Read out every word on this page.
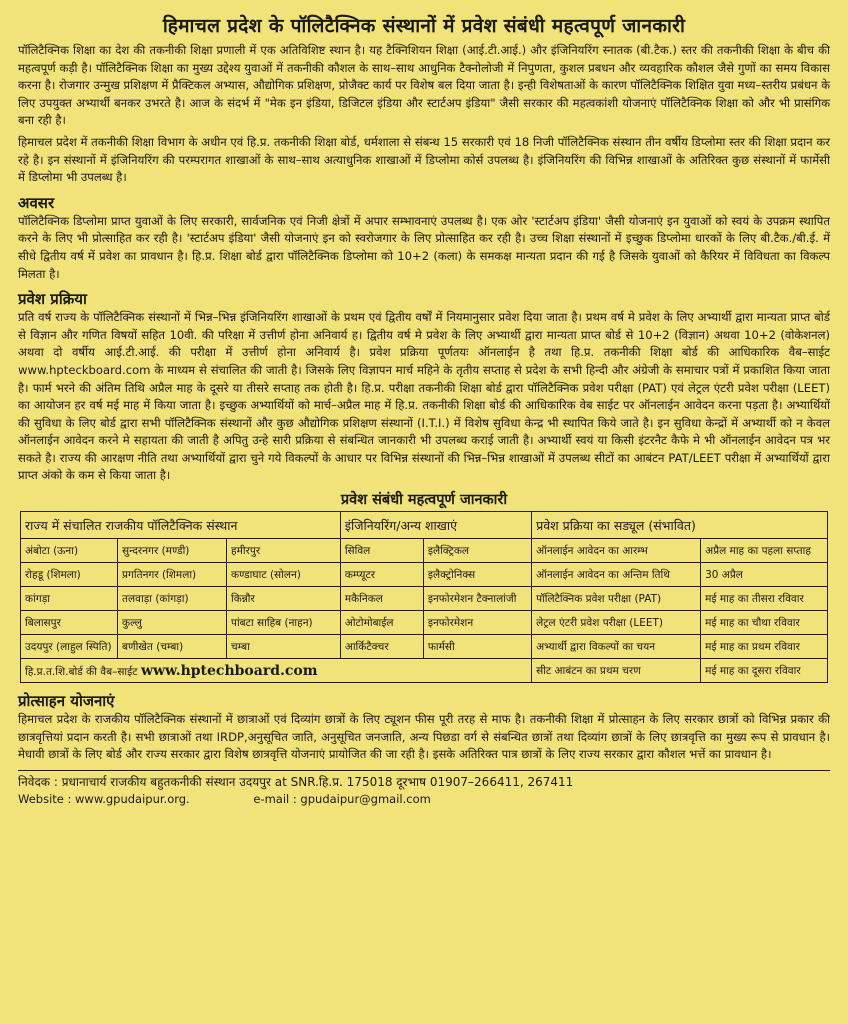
हिमाचल प्रदेश के पॉलिटैक्निक संस्थानों में प्रवेश संबंधी महत्वपूर्ण जानकारी

पॉलिटैक्निक शिक्षा का देश की तकनीकी शिक्षा प्रणाली में एक अतिविशिष्ट स्थान है। यह टैक्निशियन शिक्षा (आई.टी.आई.) और इंजिनियरिंग स्नातक (बी.टैक.) स्तर की तकनीकी शिक्षा के बीच की महत्वपूर्ण कड़ी है। पॉलिटैक्निक शिक्षा का मुख्य उद्देश्य युवाओं में तकनीकी कौशल के साथ–साथ आधुनिक टैक्नोलोजी में निपुणता, कुशल प्रबधन और व्यवहारिक कौशल जैसे गुणों का समय विकास करना है। रोजगार उन्मुख प्रशिक्षण में प्रैक्टिकल अभ्यास, औद्योगिक प्रशिक्षण, प्रोजैक्ट कार्य पर विशेष बल दिया जाता है। इन्ही विशेषताओं के कारण पॉलिटैक्निक शिक्षित युवा मध्य–स्तरीय प्रबंधन के लिए उपयुक्त अभ्यार्थी बनकर उभरते है। आज के संदर्भ में "मेक इन इंडिया, डिजिटल इंडिया और स्टार्टअप इंडिया" जैसी सरकार की महत्वकांशी योजनाएं पॉलिटैक्निक शिक्षा को और भी प्रासंगिक बना रही है।

हिमाचल प्रदेश में तकनीकी शिक्षा विभाग के अधीन एवं हि.प्र. तकनीकी शिक्षा बोर्ड, धर्मशाला से संबन्ध 15 सरकारी एवं 18 निजी पॉलिटैक्निक संस्थान तीन वर्षीय डिप्लोमा स्तर की शिक्षा प्रदान कर रहे है। इन संस्थानों में इंजिनियरिंग की परम्परागत शाखाओं के साथ–साथ अत्याधुनिक शाखाओं में डिप्लोमा कोर्स उपलब्ध है। इंजिनियरिंग की विभिन्न शाखाओं के अतिरिक्त कुछ संस्थानों में फार्मेसी में डिप्लोमा भी उपलब्ध है।

अवसर

पॉलिटैक्निक डिप्लोमा प्राप्त युवाओं के लिए सरकारी, सार्वजनिक एवं निजी क्षेत्रों में अपार सम्भावनाएं उपलब्ध है। एक ओर 'स्टार्टअप इंडिया' जैसी योजनाएं इन युवाओं को स्वयं के उपक्रम स्थापित करने के लिए भी प्रोत्साहित कर रही है। 'स्टार्टअप इंडिया' जैसी योजनाएं इन को स्वरोजगार के लिए प्रोत्साहित कर रही है। उच्च शिक्षा संस्थानों में इच्छुक डिप्लोमा धारकों के लिए बी.टैक./बी.ई. में सीधे द्वितीय वर्ष में प्रवेश का प्रावधान है। हि.प्र. शिक्षा बोर्ड द्वारा पॉलिटैक्निक डिप्लोमा को 10+2 (कला) के समकक्ष मान्यता प्रदान की गई है जिसके युवाओं को कैरियर में विविधता का विकल्प मिलता है।

प्रवेश प्रक्रिया

प्रति वर्ष राज्य के पॉलिटैक्निक संस्थानों में भिन्न–भिन्न इंजिनियरिंग शाखाओं के प्रथम एवं द्वितीय वर्षों में नियमानुसार प्रवेश दिया जाता है। प्रथम वर्ष मे प्रवेश के लिए अभ्यार्थी द्वारा मान्यता प्राप्त बोर्ड से विज्ञान और गणित विषयों सहित 10वी. की परिक्षा में उत्तीर्ण होना अनिवार्य ह। द्वितीय वर्ष मे प्रवेश के लिए अभ्यार्थी द्वारा मान्यता प्राप्त बोर्ड से 10+2 (विज्ञान) अथवा 10+2 (वोकेशनल) अथवा दो वर्षीय आई.टी.आई. की परीक्षा में उत्तीर्ण होना अनिवार्य है। प्रवेश प्रक्रिया पूर्णतयः ऑनलाईन है तथा हि.प्र. तकनीकी शिक्षा बोर्ड की आधिकारिक वैब–साईट www.hpteckboard.com के माध्यम से संचालित की जाती है। जिसके लिए विज्ञापन मार्च महिने के तृतीय सप्ताह से प्रदेश के सभी हिन्दी और अंग्रेजी के समाचार पत्रों में प्रकाशित किया जाता है। फार्म भरने की अंतिम तिथि अप्रैल माह के दूसरे या तीसरे सप्ताह तक होती है। हि.प्र. परीक्षा तकनीकी शिक्षा बोर्ड द्वारा पॉलिटैक्निक प्रवेश परीक्षा (PAT) एवं लेट्रल एंटरी प्रवेश परीक्षा (LEET) का आयोजन हर वर्ष मई माह में किया जाता है। इच्छुक अभ्यार्थियों को मार्च–अप्रैल माह में हि.प्र. तकनीकी शिक्षा बोर्ड की आधिकारिक वेब साईट पर ऑनलाईन आवेदन करना पड़ता है। अभ्यार्थियों की सुविधा के लिए बोर्ड द्वारा सभी पॉलिटैक्निक संस्थानों और कुछ औद्योगिक प्रशिक्षण संस्थानों (I.T.I.) में विशेष सुविधा केन्द्र भी स्थापित किये जाते है। इन सुविधा केन्द्रों में अभ्यार्थी को न केवल ऑनलाईन आवेदन करने मे सहायता की जाती है अपितु उन्हे सारी प्रक्रिया से संबन्धित जानकारी भी उपलब्ध कराई जाती है। अभ्यार्थी स्वयं या किसी इंटरनैट कैफे मे भी ऑनलाईन आवेदन पत्र भर सकते है। राज्य की आरक्षण नीति तथा अभ्यार्थियों द्वारा चुने गये विकल्पों के आधार पर विभिन्न संस्थानों की भिन्न–भिन्न शाखाओं में उपलब्ध सीटों का आबंटन PAT/LEET परीक्षा में अभ्यार्थियों द्वारा प्राप्त अंको के कम से किया जाता है।

प्रवेश संबंधी महत्वपूर्ण जानकारी
राज्य में संचालित राजकीय पॉलिटैक्निक संस्थान			इंजिनियरिंग/अन्य शाखाएं		प्रवेश प्रक्रिया का सड्यूल (संभावित)	
अंबोटा (ऊना)	सुन्दरनगर (मण्डी)	हमीरपुर	सिविल	इलैक्ट्रिकल	ऑनलाईन आवेदन का आरम्भ	अप्रैल माह का पहला सप्ताह
रोहडू (शिमला)	प्रगतिनगर (शिमला)	कण्डाघाट (सोलन)	कम्प्यूटर	इलैक्ट्रोनिक्स	ऑनलाईन आवेदन का अन्तिम तिथि	30 अप्रैल
कांगड़ा	तलवाड़ा (कांगड़ा)	किन्नौर	मकैनिकल	इनफोरमेशन टैक्नालांजी	पॉलिटैक्निक प्रवेश परीक्षा (PAT)	मई माह का तीसरा रविवार
बिलासपुर	कुल्लु	पांबटा साहिब (नाहन)	ओटोमोबाईल	इनफोरमेशन	लेट्रल एंटरी प्रवेश परीक्षा (LEET)	मई माह का चौथा रविवार
उदयपुर (लाहुल स्पिति)	बणीखेत (चम्बा)	चम्बा	आर्किटैक्चर	फार्मसी	अभ्यार्थी द्वारा विकल्पों का चयन	मई माह का प्रथम रविवार
हि.प्र.त.शि.बोर्ड की वैब–साईट www.hptechboard.com					सीट आबंटन का प्रथम चरण	मई माह का दूसरा रविवार
प्रोत्साहन योजनाएं

हिमाचल प्रदेश के राजकीय पॉलिटैक्निक संस्थानों में छात्राओं एवं दिव्यांग छात्रों के लिए ट्यूशन फीस पूरी तरह से माफ है। तकनीकी शिक्षा में प्रोत्साहन के लिए सरकार छात्रों को विभिन्न प्रकार की छात्रवृत्तियां प्रदान करती है। सभी छात्राओं तथा IRDP,अनुसूचित जाति, अनुसूचित जनजाति, अन्य पिछडा वर्ग से संबन्धित छात्रों तथा दिव्यांग छात्रों के लिए छात्रवृत्ति का मुख्य रूप से प्रावधान है। मेधावी छात्रों के लिए बोर्ड और राज्य सरकार द्वारा विशेष छात्रवृत्ति योजनाएं प्रायोजित की जा रही है। इसके अतिरिक्त पात्र छात्रों के लिए राज्य सरकार द्वारा कौशल भत्तें का प्रावधान है।

निवेदक : प्रधानाचार्य राजकीय बहुतकनीकी संस्थान उदयपुर at SNR.हि.प्र. 175018 दूरभाष 01907–266411, 267411
Website : www.gpudaipur.org.	e-mail : gpudaipur@gmail.com
